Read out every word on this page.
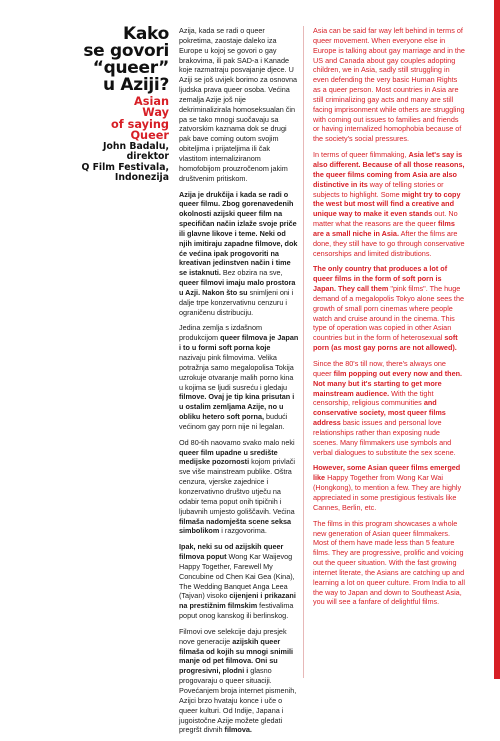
Kako
se govori
“queer”
u Aziji?
Asian
Way
of saying
Queer
John Badalu,
direktor
Q Film Festivala,
Indonezija

Azija, kada se radi o queer pokretima, zaostaje daleko iza Europe u kojoj se govori o gay brakovima, ili pak SAD-a i Kanade koje razmatraju posvajanje djece. U Aziji se još uvijek borimo za osnovna ljudska prava queer osoba. Većina zemalja Azije još nije dekriminalizirala homoseksualan čin pa se tako mnogi suočavaju sa zatvorskim kaznama dok se drugi pak bave coming outom svojim obiteljima i prijateljima ili čak vlastitom internaliziranom homofobijom prouzročenom jakim društvenim pritiskom.

Azija je drukčija i kada se radi o queer filmu. Zbog gorenavedenih okolnosti azijski queer film na specifičan način izlaže svoje priče ili glavne likove i teme. Neki od njih imitiraju zapadne filmove, dok će većina ipak progovoriti na kreativan jedinstven način i time se istaknuti. Bez obzira na sve, queer filmovi imaju malo prostora u Azji. Nakon što su snimljeni oni i dalje trpe konzervativnu cenzuru i ograničenu distribuciju.

Jedina zemlja s izdašnom produkcijom queer filmova je Japan i to u formi soft porna koje nazivaju pink filmovima. Velika potražnja samo megalopolisa Tokija uzrokuje otvaranje malih porno kina u kojima se ljudi susreću i gledaju filmove. Ovaj je tip kina prisutan i u ostalim zemljama Azije, no u obliku hetero soft porna, budući većinom gay porn nije ni legalan.

Od 80-tih naovamo svako malo neki queer film upadne u središte medijske pozornosti kojom privlači sve više mainstream publike. Oštra cenzura, vjerske zajednice i konzervativno društvo utječu na odabir tema poput onih tipičnih i ljubavnih umjesto goliščavih. Većina filmaša nadomješta scene seksa simbolikom i razgovorima.

Ipak, neki su od azijskih queer filmova poput Wong Kar Waijevog Happy Together, Farewell My Concubine od Chen Kai Gea (Kina), The Wedding Banquet Anga Leea (Tajvan) visoko cijenjeni i prikazani na prestižnim filmskim festivalima poput onog kanskog ili berlinskog.

Filmovi ove selekcije daju presjek nove generacije azijskih queer filmaša od kojih su mnogi snimili manje od pet filmova. Oni su progresivni, plodni i glasno progovaraju o queer situaciji. Povećanjem broja internet pismenih, Azijci brzo hvataju konce i uče o queer kulturi. Od Indije, Japana i jugoistočne Azije možete gledati pregršt divnih filmova.

Asia can be said far way left behind in terms of queer movement. When everyone else in Europe is talking about gay marriage and in the US and Canada about gay couples adopting children, we in Asia, sadly still struggling in even defending the very basic Human Rights as a queer person. Most countries in Asia are still criminalizing gay acts and many are still facing imprisonment while others are struggling with coming out issues to families and friends or having internalized homophobia because of the society's social pressures.

In terms of queer filmmaking, Asia let's say is also different. Because of all those reasons, the queer films coming from Asia are also distinctive in its way of telling stories or subjects to highlight. Some might try to copy the west but most will find a creative and unique way to make it even stands out. No matter what the reasons are the queer films are a small niche in Asia. After the films are done, they still have to go through conservative censorships and limited distributions.

The only country that produces a lot of queer films in the form of soft porn is Japan. They call them "pink films". The huge demand of a megalopolis Tokyo alone sees the growth of small porn cinemas where people watch and cruise around in the cinema. This type of operation was copied in other Asian countries but in the form of heterosexual soft porn (as most gay porns are not allowed).

Since the 80's till now, there's always one queer film popping out every now and then. Not many but it's starting to get more mainstream audience. With the tight censorship, religious communities and conservative society, most queer films address basic issues and personal love relationships rather than exposing nude scenes. Many filmmakers use symbols and verbal dialogues to substitute the sex scene.

However, some Asian queer films emerged like Happy Together from Wong Kar Wai (Hongkong), to mention a few. They are highly appreciated in some prestigious festivals like Cannes, Berlin, etc.

The films in this program showcases a whole new generation of Asian queer filmmakers. Most of them have made less than 5 feature films. They are progressive, prolific and voicing out the queer situation. With the fast growing internet literate, the Asians are catching up and learning a lot on queer culture. From India to all the way to Japan and down to Southeast Asia, you will see a fanfare of delightful films.
